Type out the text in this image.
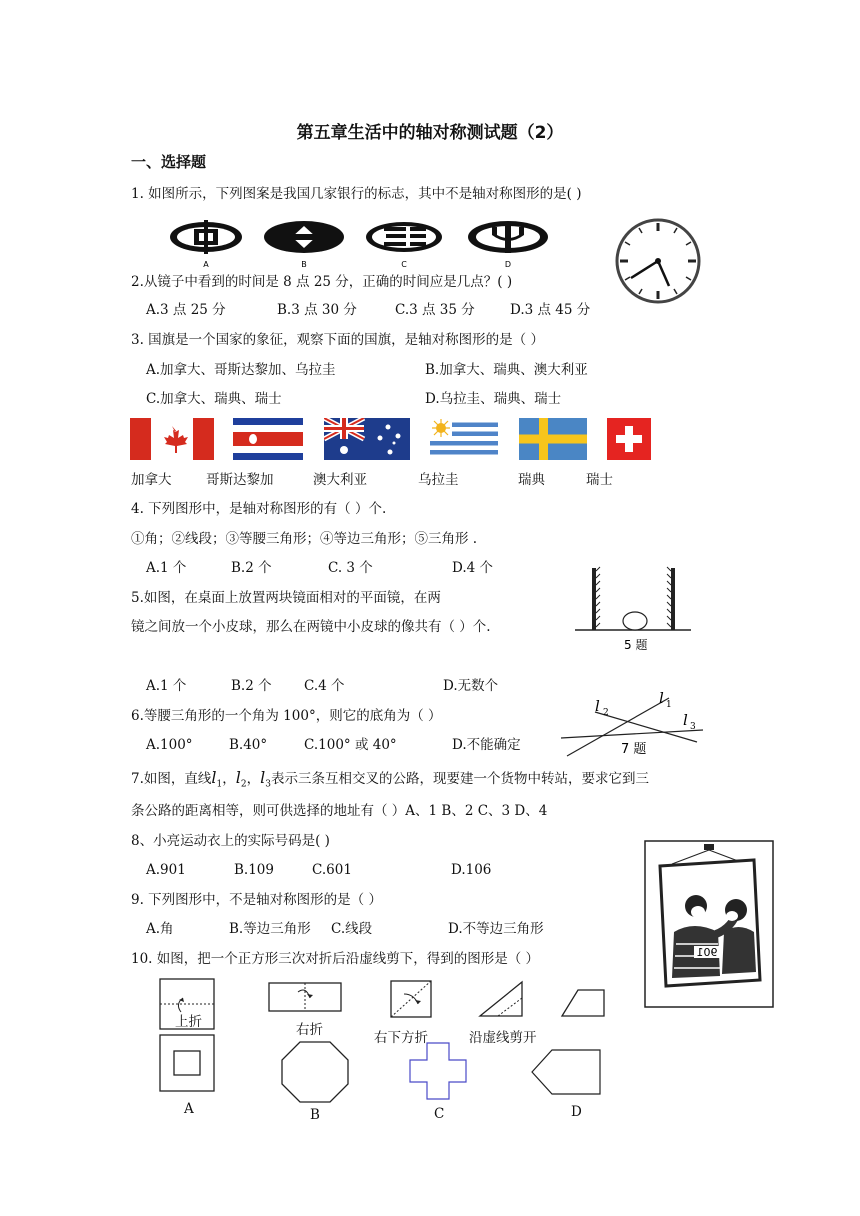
第五章生活中的轴对称测试题（2）
一、选择题
1. 如图所示，下列图案是我国几家银行的标志，其中不是轴对称图形的是( )
A	B	C	D
2.从镜子中看到的时间是 8 点 25 分，正确的时间应是几点？( )
A.3 点 25 分	B.3 点 30 分	C.3 点 35 分	D.3 点 45 分
3. 国旗是一个国家的象征，观察下面的国旗，是轴对称图形的是（ ）
A.加拿大、哥斯达黎加、乌拉圭	B.加拿大、瑞典、澳大利亚
C.加拿大、瑞典、瑞士	D.乌拉圭、瑞典、瑞士
加拿大	哥斯达黎加	澳大利亚	乌拉圭	瑞典	瑞士
4. 下列图形中，是轴对称图形的有（ ）个.
①角；②线段；③等腰三角形；④等边三角形；⑤三角形 .
A.1 个	B.2 个	C. 3 个	D.4 个
5 题
5.如图，在桌面上放置两块镜面相对的平面镜，在两
镜之间放一个小皮球，那么在两镜中小皮球的像共有（ ）个.
A.1 个	B.2 个 C.4 个	D.无数个
l 2
l 1
l 3
7 题
6.等腰三角形的一个角为 100°，则它的底角为（ ）
A.100°	B.40°	C.100° 或 40°	D.不能确定
7.如图，直线$l_1$，$l_2$，$l_3$表示三条互相交叉的公路，现要建一个货物中转站，要求它到三
条公路的距离相等，则可供选择的地址有（ ）A、1 B、2 C、3 D、4
8、小亮运动衣上的实际号码是( )
A.901	B.109	C.601	D.106
901
9. 下列图形中，不是轴对称图形的是（ ）
A.角	B.等边三角形 C.线段	D.不等边三角形
10. 如图，把一个正方形三次对折后沿虚线剪下，得到的图形是（ ）
上折	右折	右下方折	沿虚线剪开
A	B	C	D
